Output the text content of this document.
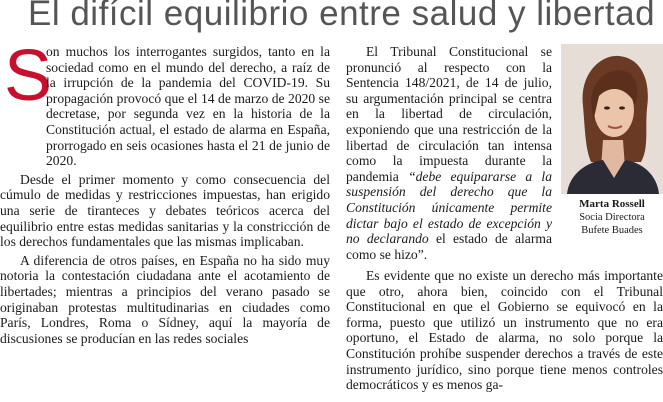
El difícil equilibrio entre salud y libertad
S

on muchos los interrogantes surgidos, tanto en la sociedad como en el mundo del derecho, a raíz de la irrupción de la pandemia del COVID-19. Su propagación provocó que el 14 de marzo de 2020 se decretase, por segunda vez en la historia de la Constitución actual, el estado de alarma en España, prorrogado en seis ocasiones hasta el 21 de junio de 2020.

Desde el primer momento y como consecuencia del cúmulo de medidas y restricciones impuestas, han erigido una serie de tiranteces y debates teóricos acerca del equilibrio entre estas medidas sanitarias y la constricción de los derechos fundamentales que las mismas implicaban.

A diferencia de otros países, en España no ha sido muy notoria la contestación ciudadana ante el acotamiento de libertades; mientras a principios del verano pasado se originaban protestas multitudinarias en ciudades como París, Londres, Roma o Sídney, aquí la mayoría de discusiones se producían en las redes sociales

El Tribunal Constitucional se pronunció al respecto con la Sentencia 148/2021, de 14 de julio, su argumentación principal se centra en la libertad de circulación, exponiendo que una restricción de la libertad de circulación tan intensa como la impuesta durante la pandemia “debe equipararse a la suspensión del derecho que la Constitución únicamente permite dictar bajo el estado de excepción y no declarando el estado de alarma como se hizo”.

Es evidente que no existe un derecho más importante que otro, ahora bien, coincido con el Tribunal Constitucional en que el Gobierno se equivocó en la forma, puesto que utilizó un instrumento que no era oportuno, el Estado de alarma, no solo porque la Constitución prohíbe suspender derechos a través de este instrumento jurídico, sino porque tiene menos controles democráticos y es menos ga-

Marta Rossell
Socia Directora
Bufete Buades
